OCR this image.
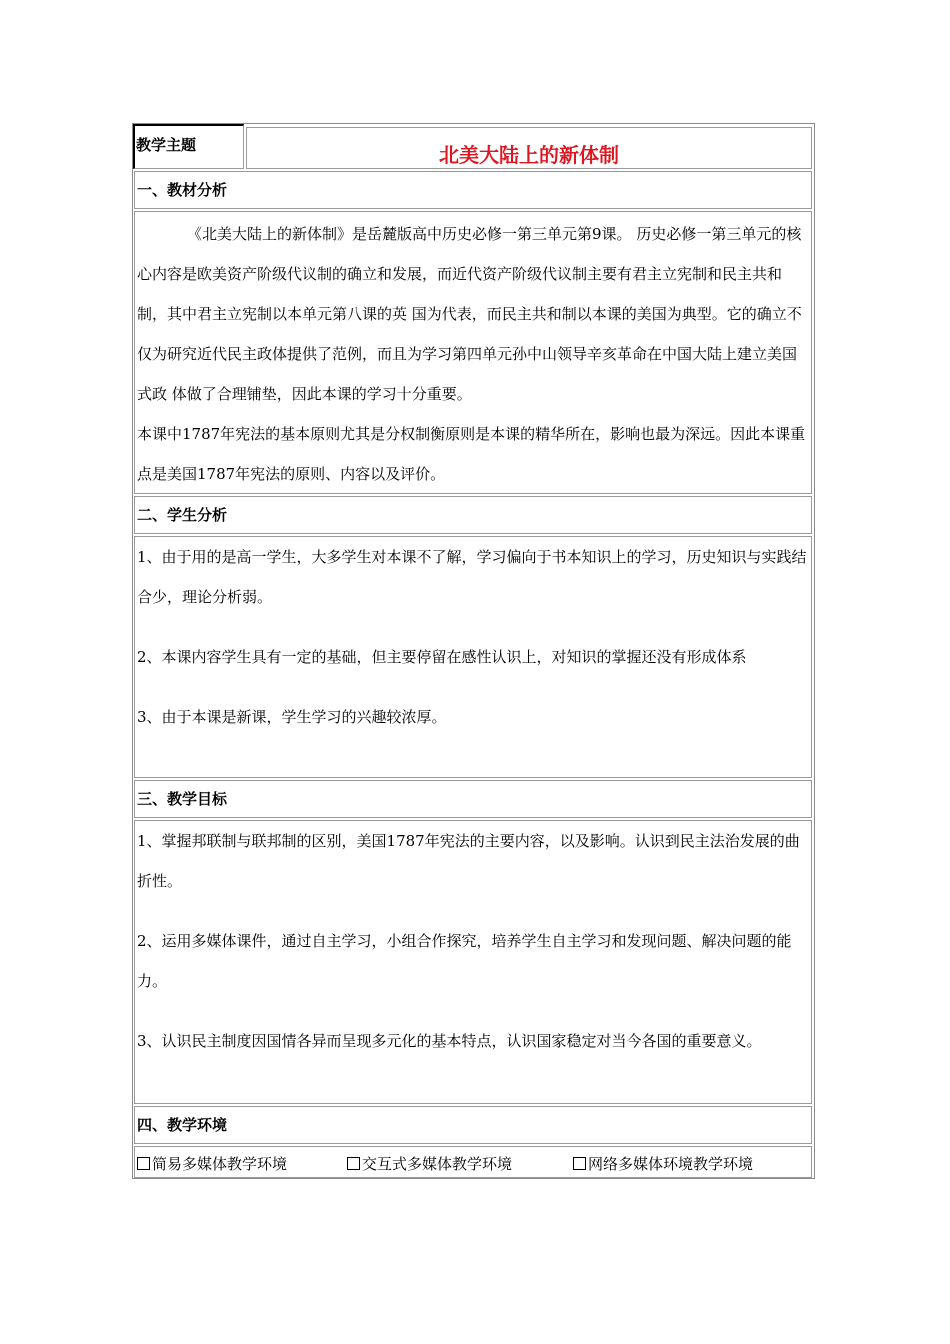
教学主题	北美大陆上的新体制
一、教材分析

《北美大陆上的新体制》是岳麓版高中历史必修一第三单元第9课。 历史必修一第三单元的核心内容是欧美资产阶级代议制的确立和发展，而近代资产阶级代议制主要有君主立宪制和民主共和制，其中君主立宪制以本单元第八课的英 国为代表，而民主共和制以本课的美国为典型。它的确立不仅为研究近代民主政体提供了范例，而且为学习第四单元孙中山领导辛亥革命在中国大陆上建立美国式政 体做了合理铺垫，因此本课的学习十分重要。

本课中1787年宪法的基本原则尤其是分权制衡原则是本课的精华所在，影响也最为深远。因此本课重点是美国1787年宪法的原则、内容以及评价。

二、学生分析

1、由于用的是高一学生，大多学生对本课不了解，学习偏向于书本知识上的学习，历史知识与实践结合少，理论分析弱。

2、本课内容学生具有一定的基础，但主要停留在感性认识上，对知识的掌握还没有形成体系

3、由于本课是新课，学生学习的兴趣较浓厚。

三、教学目标

1、掌握邦联制与联邦制的区别，美国1787年宪法的主要内容，以及影响。认识到民主法治发展的曲折性。

2、运用多媒体课件，通过自主学习，小组合作探究，培养学生自主学习和发现问题、解决问题的能力。

3、认识民主制度因国情各异而呈现多元化的基本特点，认识国家稳定对当今各国的重要意义。

四、教学环境
简易多媒体教学环境	交互式多媒体教学环境	网络多媒体环境教学环境
